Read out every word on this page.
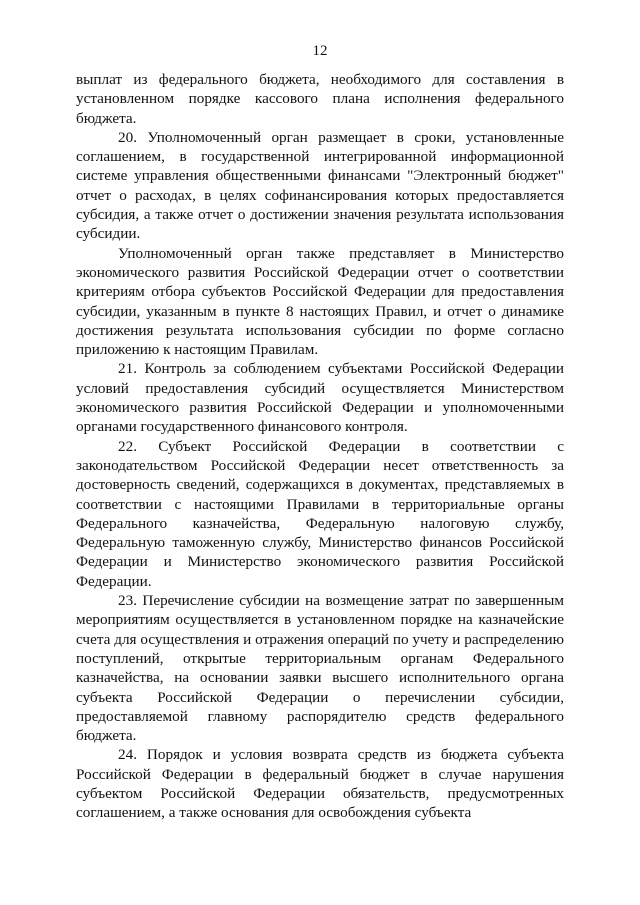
12

выплат из федерального бюджета, необходимого для составления в установленном порядке кассового плана исполнения федерального бюджета.

20. Уполномоченный орган размещает в сроки, установленные соглашением, в государственной интегрированной информационной системе управления общественными финансами "Электронный бюджет" отчет о расходах, в целях софинансирования которых предоставляется субсидия, а также отчет о достижении значения результата использования субсидии.

Уполномоченный орган также представляет в Министерство экономического развития Российской Федерации отчет о соответствии критериям отбора субъектов Российской Федерации для предоставления субсидии, указанным в пункте 8 настоящих Правил, и отчет о динамике достижения результата использования субсидии по форме согласно приложению к настоящим Правилам.

21. Контроль за соблюдением субъектами Российской Федерации условий предоставления субсидий осуществляется Министерством экономического развития Российской Федерации и уполномоченными органами государственного финансового контроля.

22. Субъект Российской Федерации в соответствии с законодательством Российской Федерации несет ответственность за достоверность сведений, содержащихся в документах, представляемых в соответствии с настоящими Правилами в территориальные органы Федерального казначейства, Федеральную налоговую службу, Федеральную таможенную службу, Министерство финансов Российской Федерации и Министерство экономического развития Российской Федерации.

23. Перечисление субсидии на возмещение затрат по завершенным мероприятиям осуществляется в установленном порядке на казначейские счета для осуществления и отражения операций по учету и распределению поступлений, открытые территориальным органам Федерального казначейства, на основании заявки высшего исполнительного органа субъекта Российской Федерации о перечислении субсидии, предоставляемой главному распорядителю средств федерального бюджета.

24. Порядок и условия возврата средств из бюджета субъекта Российской Федерации в федеральный бюджет в случае нарушения субъектом Российской Федерации обязательств, предусмотренных соглашением, а также основания для освобождения субъекта
